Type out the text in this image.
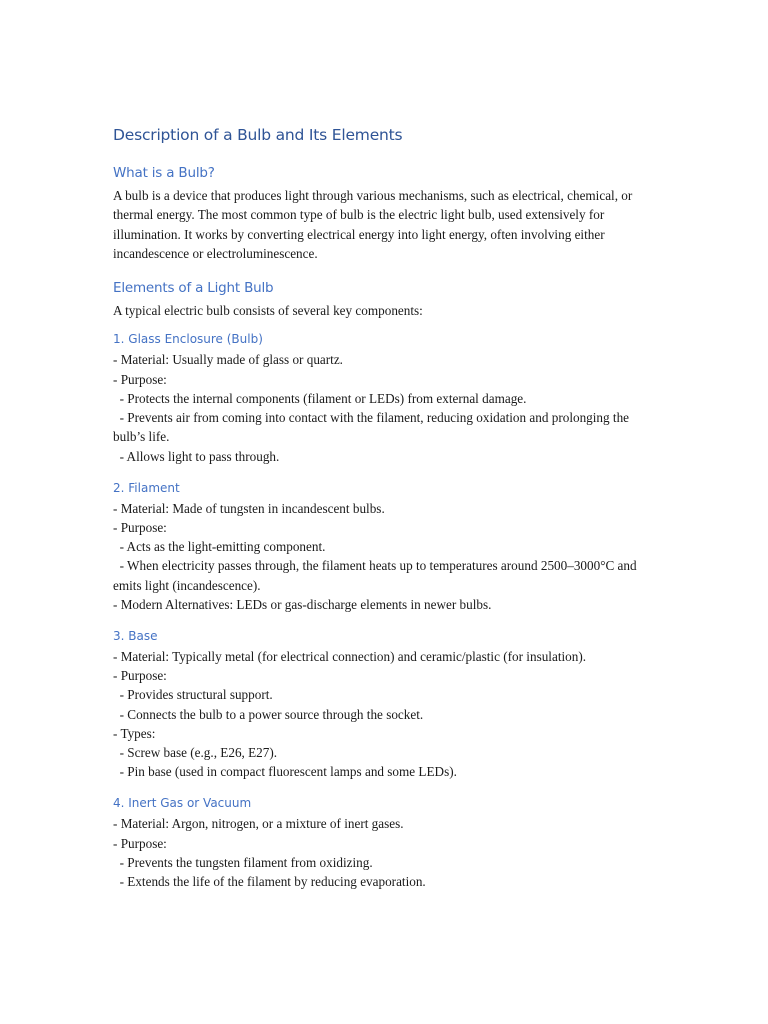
Description of a Bulb and Its Elements
What is a Bulb?

A bulb is a device that produces light through various mechanisms, such as electrical, chemical, or thermal energy. The most common type of bulb is the electric light bulb, used extensively for illumination. It works by converting electrical energy into light energy, often involving either incandescence or electroluminescence.

Elements of a Light Bulb

A typical electric bulb consists of several key components:

1. Glass Enclosure (Bulb)

- Material: Usually made of glass or quartz.

- Purpose:

- Protects the internal components (filament or LEDs) from external damage.

- Prevents air from coming into contact with the filament, reducing oxidation and prolonging the bulb’s life.

- Allows light to pass through.

2. Filament

- Material: Made of tungsten in incandescent bulbs.

- Purpose:

- Acts as the light-emitting component.

- When electricity passes through, the filament heats up to temperatures around 2500–3000°C and emits light (incandescence).

- Modern Alternatives: LEDs or gas-discharge elements in newer bulbs.

3. Base

- Material: Typically metal (for electrical connection) and ceramic/plastic (for insulation).

- Purpose:

- Provides structural support.

- Connects the bulb to a power source through the socket.

- Types:

- Screw base (e.g., E26, E27).

- Pin base (used in compact fluorescent lamps and some LEDs).

4. Inert Gas or Vacuum

- Material: Argon, nitrogen, or a mixture of inert gases.

- Purpose:

- Prevents the tungsten filament from oxidizing.

- Extends the life of the filament by reducing evaporation.
